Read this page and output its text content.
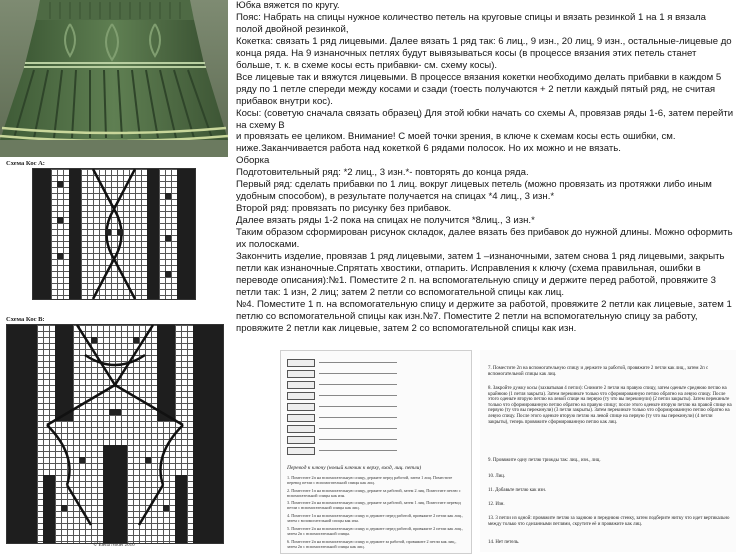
Схема Кос А:
Схема Кос В:
© Elena Nodel 2010

Юбка вяжется по кругу.

Пояс: Набрать на спицы нужное количество петель на круговые спицы и вязать резинкой 1 на 1 я вязала полой двойной резинкой,

Кокетка: связать 1 ряд лицевыми. Далее вязать 1 ряд так: 6 лиц., 9 изн., 20 лиц, 9 изн., остальные-лицевые до конца ряда. На 9 изнаночных петлях будут вывязываться косы (в процессе вязания этих петель станет больше, т. к. в схеме косы есть прибавки- см. схему косы).

Все лицевые так и вяжутся лицевыми. В процессе вязания кокетки необходимо делать прибавки в каждом 5 ряду по 1 петле спереди между косами и сзади (тоесть получаются + 2 петли каждый пятый ряд, не считая прибавок внутри кос).

Косы: (советую сначала связать образец) Для этой юбки начать со схемы А, провязав ряды 1-6, затем перейти на схему В

и провязать ее целиком. Внимание! С моей точки зрения, в ключе к схемам косы есть ошибки, см. ниже.Заканчивается работа над кокеткой 6 рядами полосок. Но их можно и не вязать.

Оборка

Подготовительный ряд: *2 лиц., 3 изн.*- повторять до конца ряда.

Первый ряд: сделать прибавки по 1 лиц. вокруг лицевых петель (можно провязать из протяжки либо иным удобным способом), в результате получается на спицах *4 лиц., 3 изн.*

Второй ряд: провязать по рисунку без прибавок.

Далее вязать ряды 1-2 пока на спицах не получится *8лиц., 3 изн.*

Таким образом сформирован рисунок складок, далее вязать без прибавок до нужной длины. Можно оформить их полосками.

Закончить изделие, провязав 1 ряд лицевыми, затем 1 –изнаночными, затем снова 1 ряд лицевыми, закрыть петли как изнаночные.Спрятать хвостики, отпарить. Исправления к ключу (схема правильная, ошибки в переводе описания):№1. Поместите 2 п. на вспомогательную спицу и держите перед работой, провяжите 3 петли так: 1 изн, 2 лиц; затем 2 петли со вспомогательной спицы как лиц.

№4. Поместите 1 п. на вспомогательную спицу и держите за работой, провяжите 2 петли как лицевые, затем 1 петлю со вспомогательной спицы как изн.№7. Поместите 2 петли на вспомогательную спицу за работу, провяжите 2 петли как лицевые, затем 2 со вспомогательной спицы как изн.

Перевод к ключу (новый ключик к верху, вход, лиц. петли)
1. Поместите 2п на вспомогательную спицу, держите перед работой, затем 1 лиц. Поместите перевод петли с вспомогательной спицы как лиц.
2. Поместите 1п на вспомогательную спицу, держите за работой, затем 2 лиц. Поместите петлю с вспомогательной спицы как изн.
3. Поместите 2п на вспомогательную спицу, держите за работой, затем 1 лиц. Поместите перевод петли с вспомогательной спицы как лиц.
4. Поместите 1п на вспомогательную спицу и держите перед работой, провяжите 2 петли как лиц., затем с вспомогательной спицы как изн.
5. Поместите 2п на вспомогательную спицу и держите перед работой, провяжите 2 петли как лиц., затем 2п с вспомогательной спицы.
6. Поместите 2п на вспомогательную спицу и держите за работой, провяжите 2 петли как лиц., затем 2п с вспомогательной спицы как лиц.
7. Поместите 2п на вспомогательную спицу и держите за работой, провяжите 2 петли как лиц., затем 2п с вспомогательной спицы как лиц.
8. Закройте дужку косы (захватывая 4 петли): Снимите 2 петли на правую спицу, затем оденьте среднюю петлю на крайнюю (1 петля закрыта). Затем перекиньте только что сформированную петлю обратно на левую спицу. После этого оденьте вторую петлю на левой спице на первую (ту что вы перекинули) (2 петли закрыты). Затем перекиньте только что сформированную петлю обратно на правую спицу; после этого оденьте вторую петлю на правой спице на первую (ту что вы перекинули) (3 петли закрыты). Затем перекиньте только что сформированную петлю обратно на левую спицу. После этого оденьте вторую петлю на левой спице на первую (ту что вы перекинули) (4 петли закрыты), теперь провяжите сформированную петлю как лиц.
9. Провяжите одну петлю трижды так: лиц., изн., лиц.
10. Лиц.
11. Добавьте петлю как изн.
12. Изн.
13. 3 петли из одной: провяжите петлю за заднюю и переднюю стенку, затем подберите нитку что идет вертикально между только что сделанными петлями, скрутите её и провяжите как лиц.
14. Нет петель.
